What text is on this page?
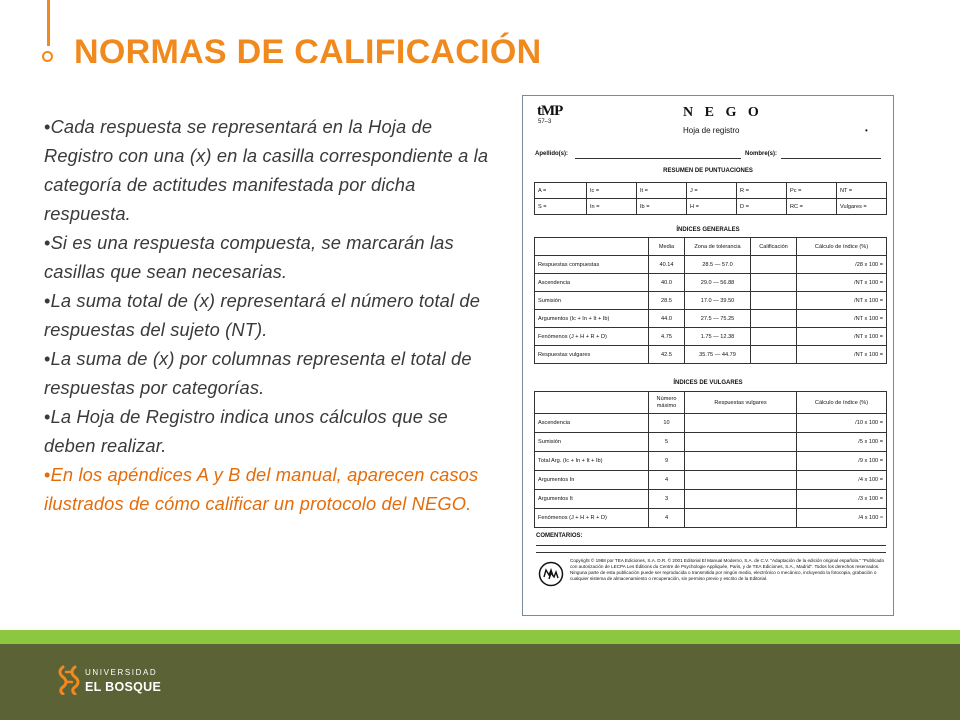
NORMAS DE CALIFICACIÓN
•Cada respuesta se representará en la Hoja de Registro con una (x) en la casilla correspondiente a la categoría de actitudes manifestada por dicha respuesta.
•Si es una respuesta compuesta, se marcarán las casillas que sean necesarias.
•La suma total de (x) representará el número total de respuestas del sujeto (NT).
•La suma de (x) por columnas representa el total de respuestas por categorías.
•La Hoja de Registro indica unos cálculos que se deben realizar.
•En los apéndices A y B del manual, aparecen casos ilustrados de cómo calificar un protocolo del NEGO.
tMP
57–3
N E G O
Hoja de registro	•
Apellido(s):	Nombre(s):
RESUMEN DE PUNTUACIONES
A =	Ic =	It =	J =	R =	Pc =	NT =
S =	In =	Ib =	H =	D =	RC =	Vulgares =
ÍNDICES GENERALES
	Media	Zona de tolerancia	Calificación	Cálculo de índice (%)
Respuestas compuestas	40.14	28.5 — 57.0		/28 x 100 =
Ascendencia	40.0	29.0 — 56.88		/NT x 100 =
Sumisión	28.5	17.0 — 39.50		/NT x 100 =
Argumentos (Ic + In + It + Ib)	44.0	27.5 — 75.25		/NT x 100 =
Fenómenos (J + H + R + D)	4.75	1.75 — 12.38		/NT x 100 =
Respuestas vulgares	42.5	35.75 — 44.79		/NT x 100 =
ÍNDICES DE VULGARES
	Número máximo	Respuestas vulgares	Cálculo de índice (%)
Ascendencia	10		/10 x 100 =
Sumisión	5		/5 x 100 =
Total Arg. (Ic + In + It + Ib)	9		/9 x 100 =
Argumentos In	4		/4 x 100 =
Argumentos It	3		/3 x 100 =
Fenómenos (J + H + R + D)	4		/4 x 100 ≈
COMENTARIOS:
Copyright © 1988 por TEA Ediciones, S.A. D.R. © 2001 Editorial El Manual Moderno, S.A. de C.V. "Adaptación de la edición original española." "Publicado con autorización de LECPA Les Éditions du Centre de Psychologie Appliquée, Paris, y de TEA Ediciones, S.A., Madrid". Todos los derechos reservados. Ninguna parte de esta publicación puede ser reproducida o transmitida por ningún medio, electrónico o mecánico, incluyendo la fotocopia, grabación o cualquier sistema de almacenamiento o recuperación, sin permiso previo y escrito de la Editorial.
UNIVERSIDAD
EL BOSQUE
